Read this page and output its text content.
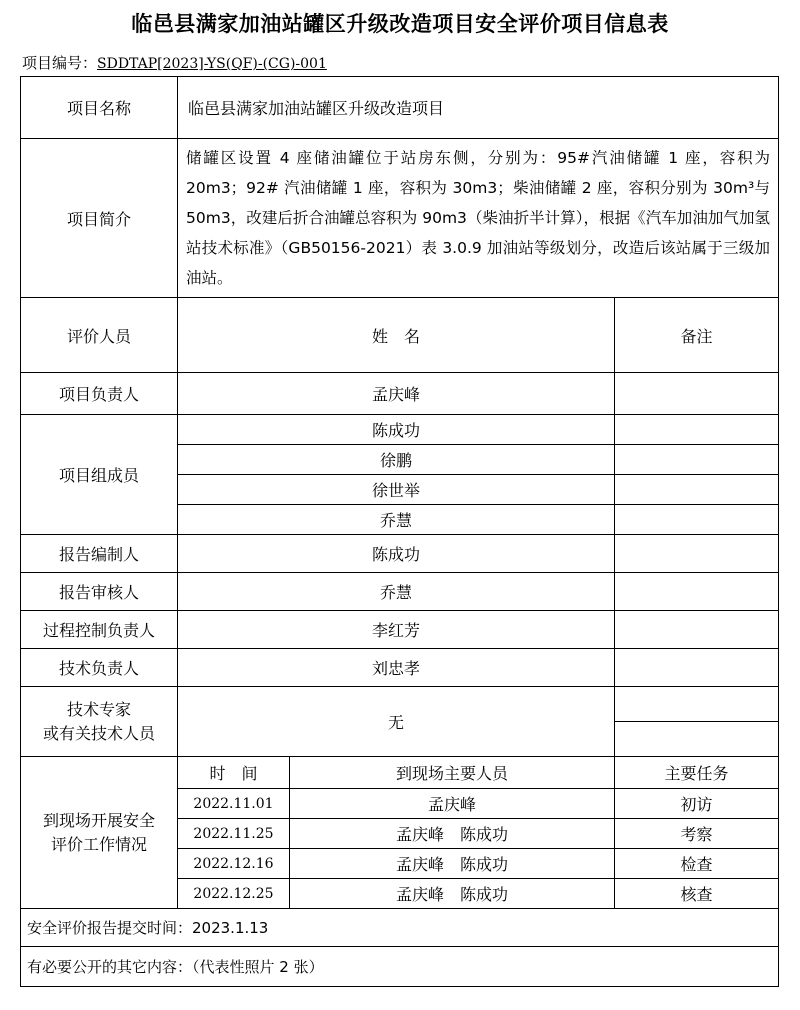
临邑县满家加油站罐区升级改造项目安全评价项目信息表
项目编号：SDDTAP[2023]-YS(QF)-(CG)-001
项目名称	临邑县满家加油站罐区升级改造项目		
项目简介	储罐区设置 4 座储油罐位于站房东侧，分别为：95#汽油储罐 1 座，容积为 20m3；92# 汽油储罐 1 座，容积为 30m3；柴油储罐 2 座，容积分别为 30m³与 50m3，改建后折合油罐总容积为 90m3（柴油折半计算），根据《汽车加油加气加氢站技术标准》（GB50156-2021）表 3.0.9 加油站等级划分，改造后该站属于三级加油站。		
评价人员	姓　名		备注
项目负责人	孟庆峰		
项目组成员	陈成功		
	徐鹏		
	徐世举		
	乔慧		
报告编制人	陈成功		
报告审核人	乔慧		
过程控制负责人	李红芳		
技术负责人	刘忠孝		

技术专家
或有关技术人员	无		

到现场开展安全
评价工作情况	时　间	到现场主要人员	主要任务
	2022.11.01	孟庆峰	初访
	2022.11.25	孟庆峰　陈成功	考察
	2022.12.16	孟庆峰　陈成功	检查
	2022.12.25	孟庆峰　陈成功	核查
安全评价报告提交时间：2023.1.13			
有必要公开的其它内容：（代表性照片 2 张）			
